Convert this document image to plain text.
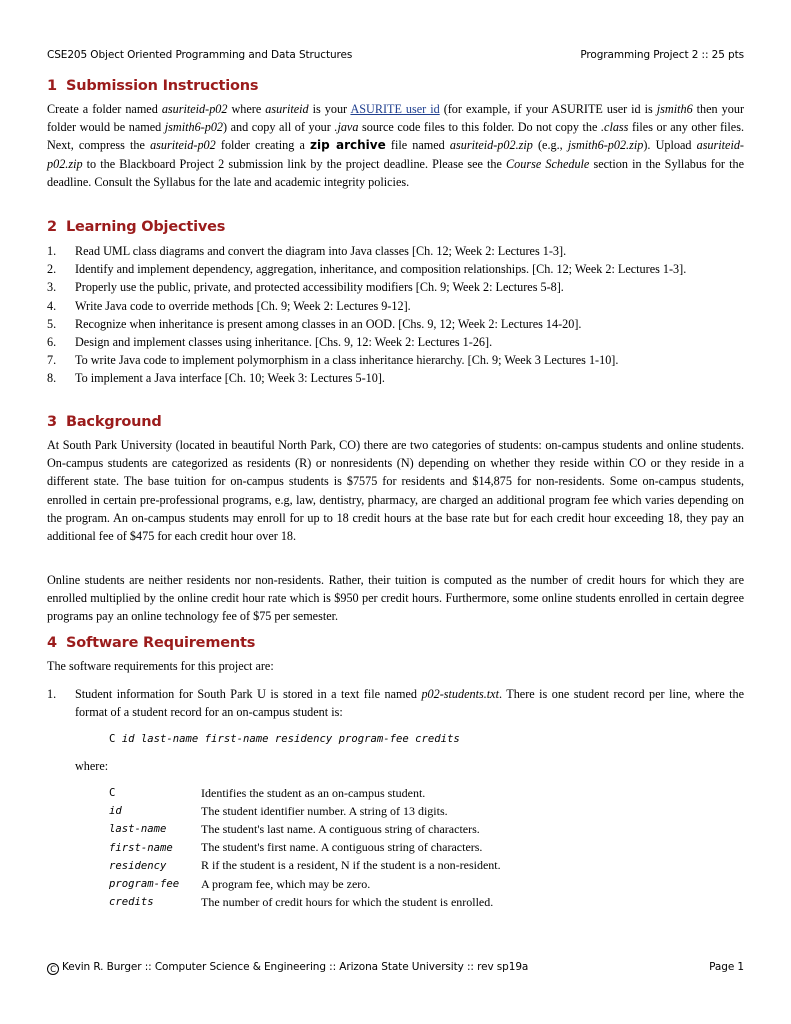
CSE205 Object Oriented Programming and Data Structures	Programming Project 2 :: 25 pts
1 Submission Instructions

Create a folder named asuriteid-p02 where asuriteid is your ASURITE user id (for example, if your ASURITE user id is jsmith6 then your folder would be named jsmith6-p02) and copy all of your .java source code files to this folder. Do not copy the .class files or any other files. Next, compress the asuriteid-p02 folder creating a zip archive file named asuriteid-p02.zip (e.g., jsmith6-p02.zip). Upload asuriteid-p02.zip to the Blackboard Project 2 submission link by the project deadline. Please see the Course Schedule section in the Syllabus for the deadline. Consult the Syllabus for the late and academic integrity policies.

2 Learning Objectives
1. Read UML class diagrams and convert the diagram into Java classes [Ch. 12; Week 2: Lectures 1-3].
2. Identify and implement dependency, aggregation, inheritance, and composition relationships. [Ch. 12; Week 2: Lectures 1-3].
3. Properly use the public, private, and protected accessibility modifiers [Ch. 9; Week 2: Lectures 5-8].
4. Write Java code to override methods [Ch. 9; Week 2: Lectures 9-12].
5. Recognize when inheritance is present among classes in an OOD. [Chs. 9, 12; Week 2: Lectures 14-20].
6. Design and implement classes using inheritance. [Chs. 9, 12: Week 2: Lectures 1-26].
7. To write Java code to implement polymorphism in a class inheritance hierarchy. [Ch. 9; Week 3 Lectures 1-10].
8. To implement a Java interface [Ch. 10; Week 3: Lectures 5-10].
3 Background

At South Park University (located in beautiful North Park, CO) there are two categories of students: on-campus students and online students. On-campus students are categorized as residents (R) or nonresidents (N) depending on whether they reside within CO or they reside in a different state. The base tuition for on-campus students is $7575 for residents and $14,875 for non-residents. Some on-campus students, enrolled in certain pre-professional programs, e.g, law, dentistry, pharmacy, are charged an additional program fee which varies depending on the program. An on-campus students may enroll for up to 18 credit hours at the base rate but for each credit hour exceeding 18, they pay an additional fee of $475 for each credit hour over 18.

Online students are neither residents nor non-residents. Rather, their tuition is computed as the number of credit hours for which they are enrolled multiplied by the online credit hour rate which is $950 per credit hours. Furthermore, some online students enrolled in certain degree programs pay an online technology fee of $75 per semester.

4 Software Requirements

The software requirements for this project are:

1. Student information for South Park U is stored in a text file named p02-students.txt. There is one student record per line, where the format of a student record for an on-campus student is:
C id last-name first-name residency program-fee credits

where:

C	Identifies the student as an on-campus student.
id	The student identifier number. A string of 13 digits.
last-name	The student's last name. A contiguous string of characters.
first-name	The student's first name. A contiguous string of characters.
residency	R if the student is a resident, N if the student is a non-resident.
program-fee	A program fee, which may be zero.
credits	The number of credit hours for which the student is enrolled.
C Kevin R. Burger :: Computer Science & Engineering :: Arizona State University :: rev sp19a	Page 1
